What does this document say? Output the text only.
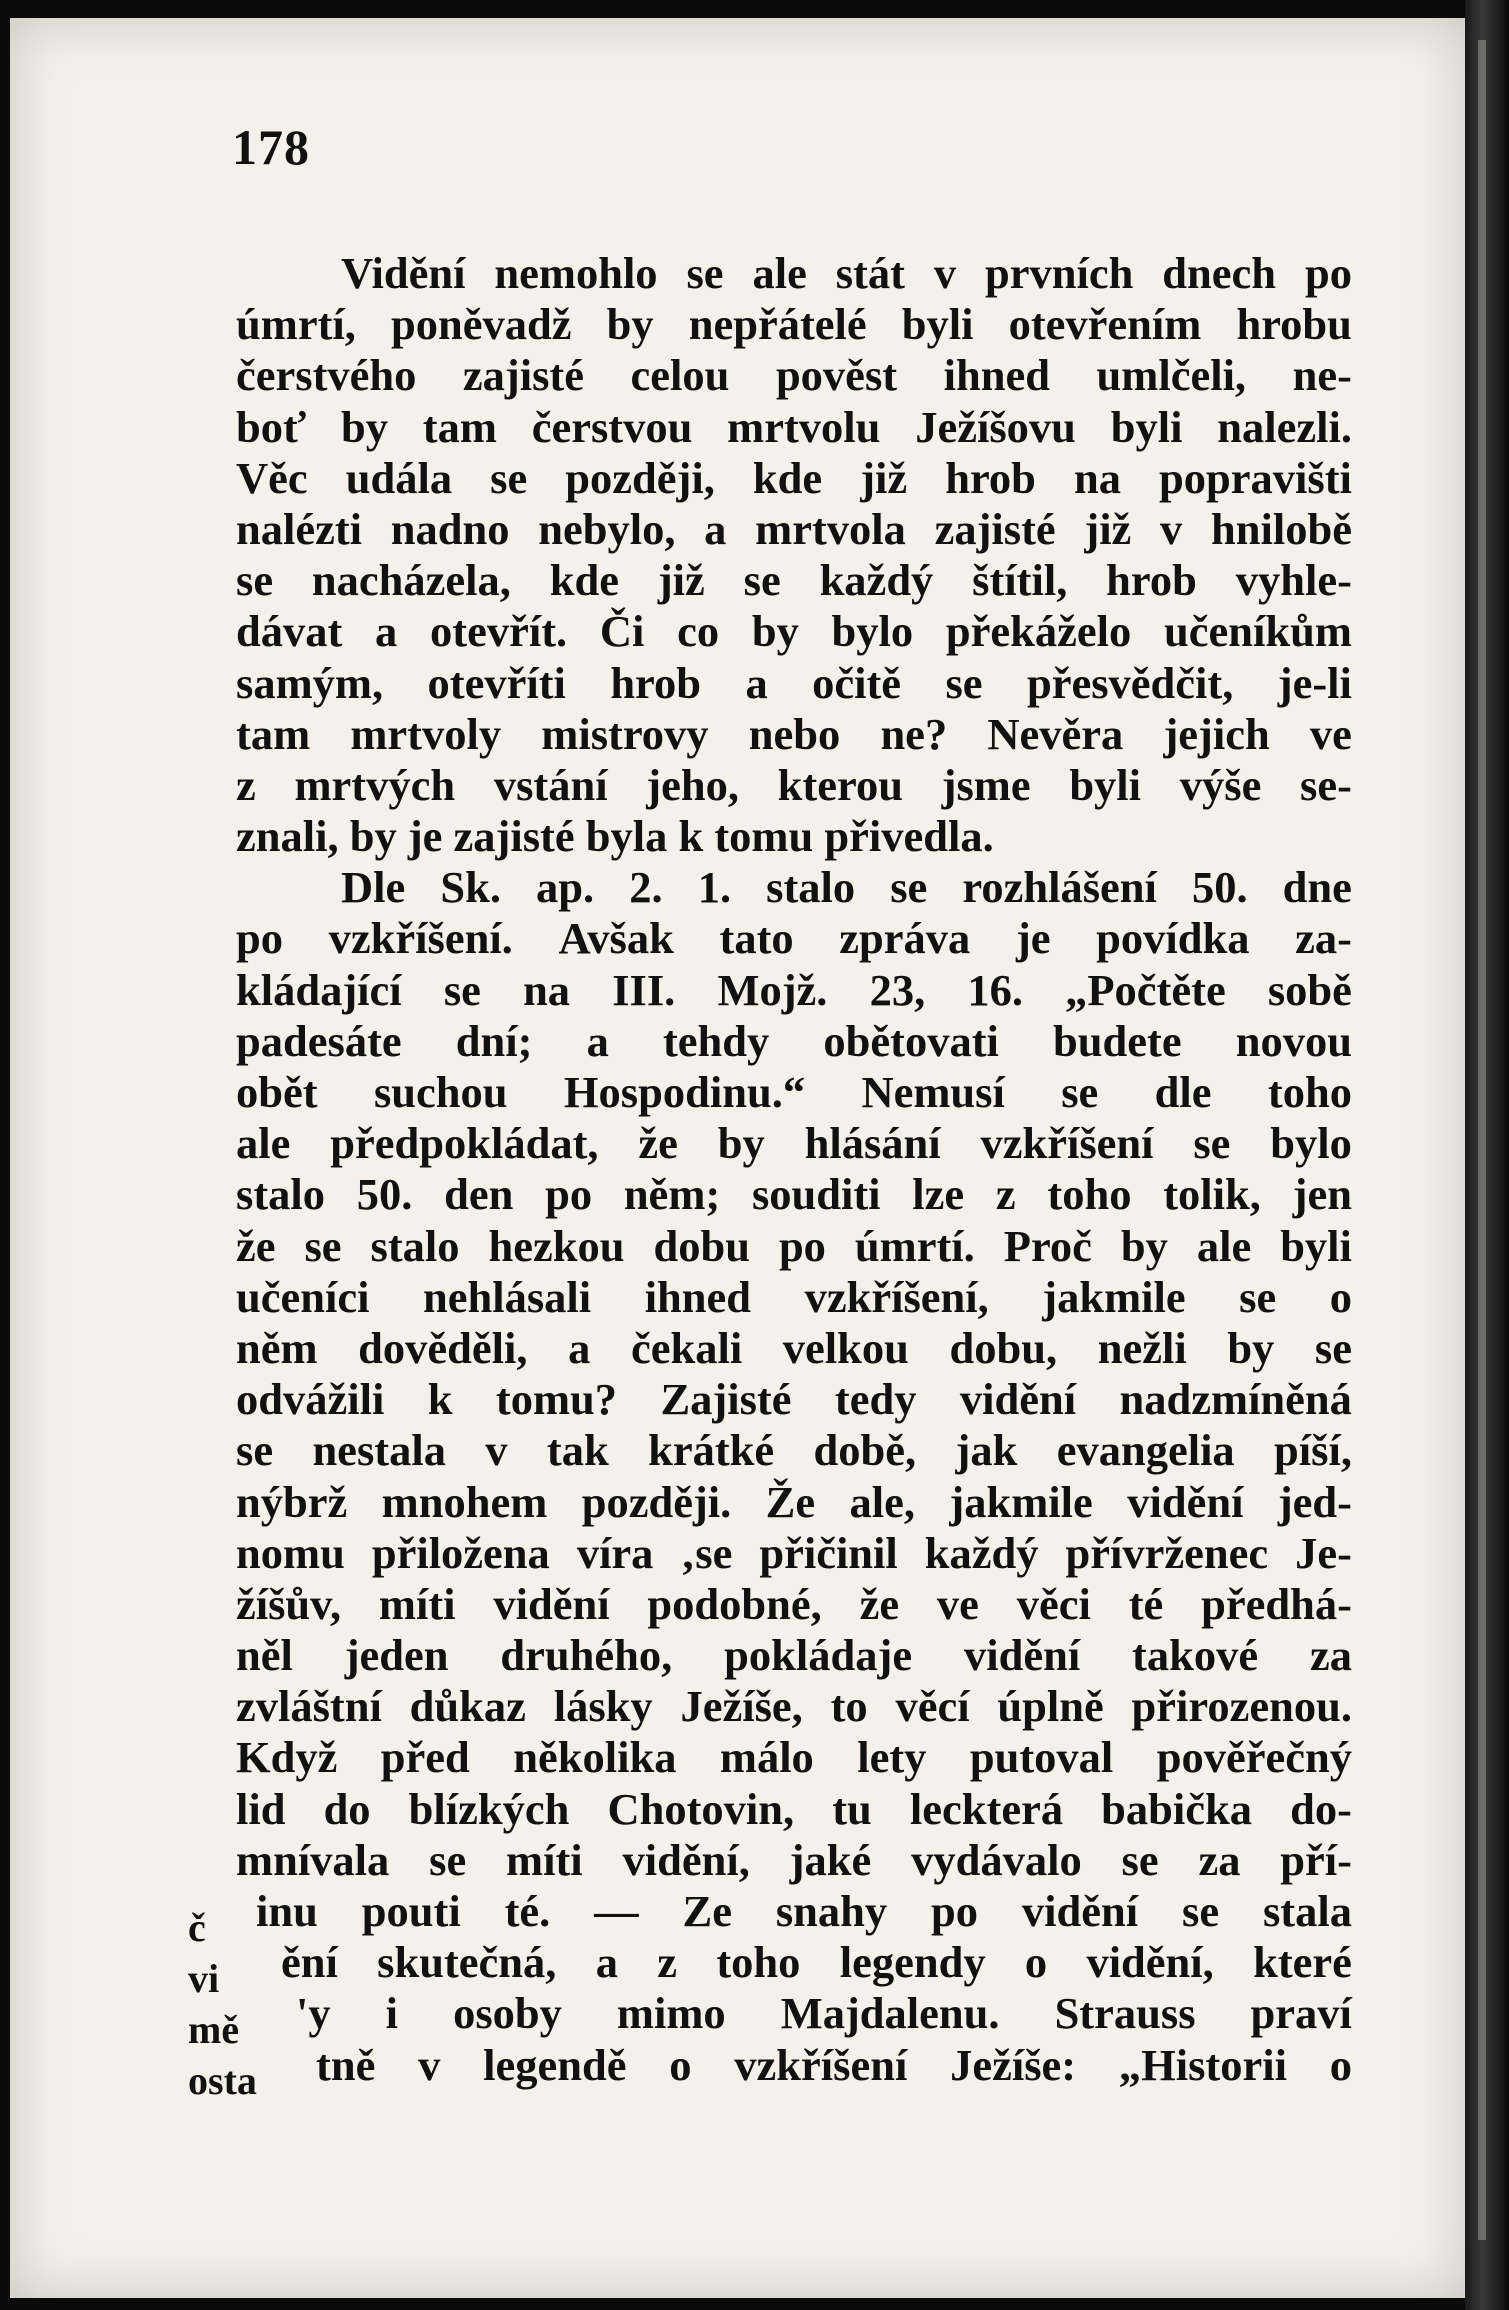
178
Vidění nemohlo se ale stát v prvních dnech po
úmrtí, poněvadž by nepřátelé byli otevřením hrobu
čerstvého zajisté celou pověst ihned umlčeli, ne-
boť by tam čerstvou mrtvolu Ježíšovu byli nalezli.
Věc udála se později, kde již hrob na popravišti
nalézti nadno nebylo, a mrtvola zajisté již v hnilobě
se nacházela, kde již se každý štítil, hrob vyhle-
dávat a otevřít. Či co by bylo překáželo učeníkům
samým, otevříti hrob a očitě se přesvědčit, je-li
tam mrtvoly mistrovy nebo ne? Nevěra jejich ve
z mrtvých vstání jeho, kterou jsme byli výše se-
znali, by je zajisté byla k tomu přivedla.
Dle Sk. ap. 2. 1. stalo se rozhlášení 50. dne
po vzkříšení. Avšak tato zpráva je povídka za-
kládající se na III. Mojž. 23, 16. „Počtěte sobě
padesáte dní; a tehdy obětovati budete novou
obět suchou Hospodinu.“ Nemusí se dle toho
ale předpokládat, že by hlásání vzkříšení se bylo
stalo 50. den po něm; souditi lze z toho tolik, jen
že se stalo hezkou dobu po úmrtí. Proč by ale byli
učeníci nehlásali ihned vzkříšení, jakmile se o
něm dověděli, a čekali velkou dobu, nežli by se
odvážili k tomu? Zajisté tedy vidění nadzmíněná
se nestala v tak krátké době, jak evangelia píší,
nýbrž mnohem později. Že ale, jakmile vidění jed-
nomu přiložena víra ‚se přičinil každý přívrženec Je-
žíšův, míti vidění podobné, že ve věci té předhá-
něl jeden druhého, pokládaje vidění takové za
zvláštní důkaz lásky Ježíše, to věcí úplně přirozenou.
Když před několika málo lety putoval pověřečný
lid do blízkých Chotovin, tu leckterá babička do-
mnívala se míti vidění, jaké vydávalo se za pří-
inu pouti té. — Ze snahy po vidění se stala
ění skutečná, a z toho legendy o vidění, které
'y i osoby mimo Majdalenu. Strauss praví
tně v legendě o vzkříšení Ježíše: „Historii o
č
vi
mě
osta
